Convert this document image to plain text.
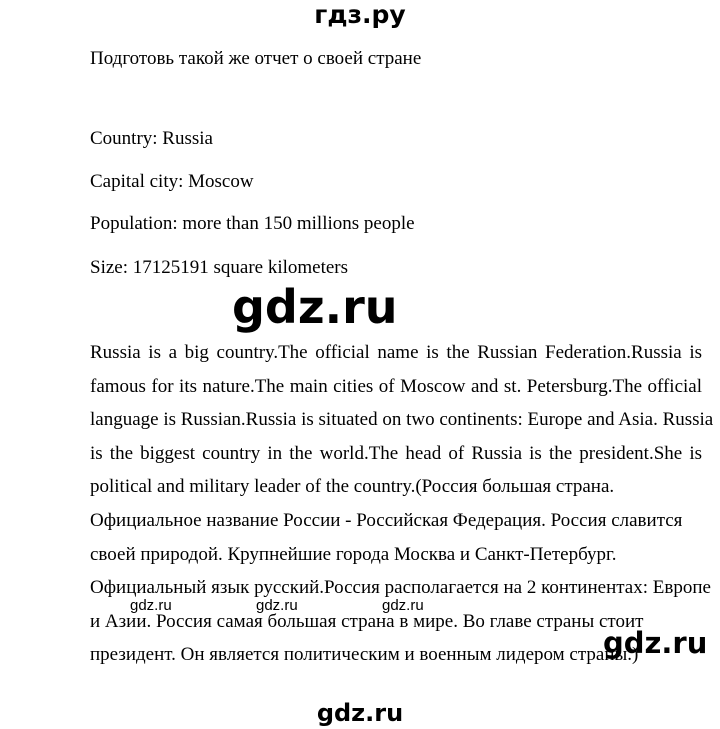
гдз.ру
Подготовь такой же отчет о своей стране
Country: Russia
Capital city: Moscow
Population: more than 150 millions people
Size: 17125191 square kilometers
gdz.ru
Russia is a big country.The official name is the Russian Federation.Russia is
famous for its nature.The main cities of Moscow and st. Petersburg.The official
language is Russian.Russia is situated on two continents: Europe and Asia. Russia
is the biggest country in the world.The head of Russia is the president.She is
political and military leader of the country.(Россия большая страна.
Официальное название России - Российская Федерация. Россия славится
своей природой. Крупнейшие города Москва и Санкт-Петербург.
Официальный язык русский.Россия располагается на 2 континентах: Европе
и Азии. Россия самая большая страна в мире. Во главе страны стоит
президент. Он является политическим и военным лидером страны.)
gdz.ru	gdz.ru	gdz.ru
gdz.ru
gdz.ru
